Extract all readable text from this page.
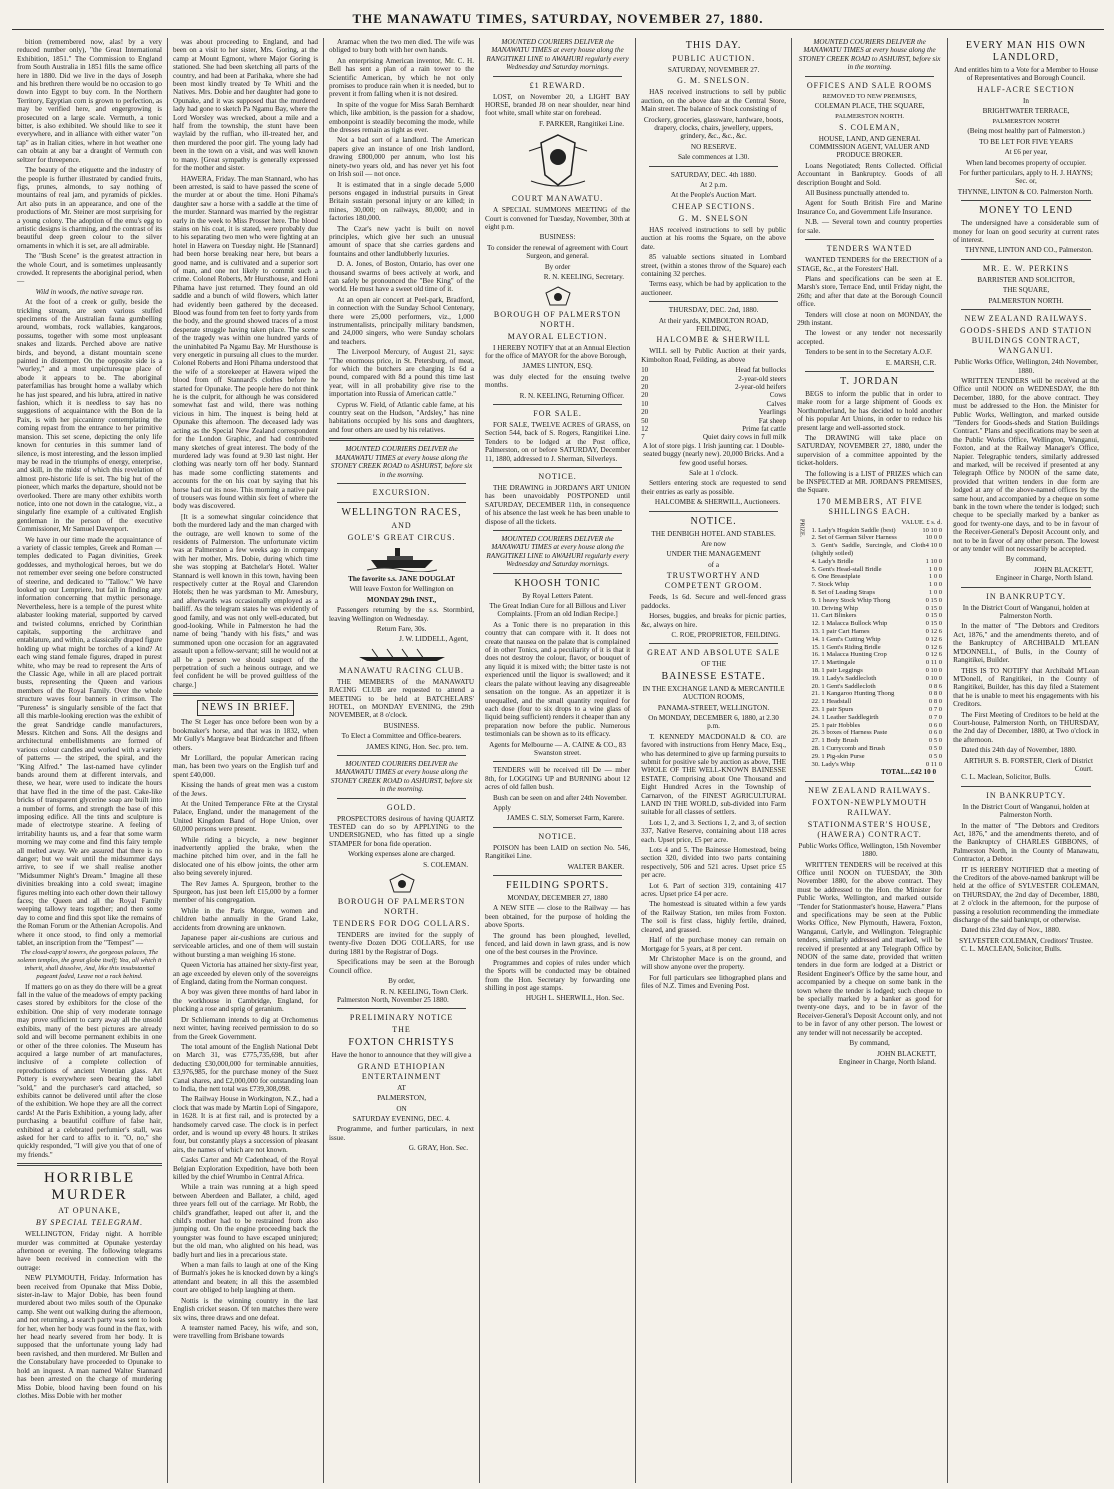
THE MANAWATU TIMES, SATURDAY, NOVEMBER 27, 1880.

bition (remembered now, alas! by a very reduced number only), "the Great International Exhibition, 1851." The Commission to England from South Australia in 1851 fills the same office here in 1880. Did we live in the days of Joseph and his brethren there would be no occasion to go down into Egypt to buy corn. In the Northern Territory, Egyptian corn is grown to perfection, as may be verified here, and engergrowing is prosecuted on a large scale. Vermuth, a tonic bitter, is also exhibited. We should like to see it everywhere, and in alliance with either water "on tap" as in Italian cities, where in hot weather one can obtain at any bar a draught of Vermuth con seltzer for threepence.

The beauty of the etiquette and the industry of the people is further illustrated by candied fruits, figs, prunes, almonds, to say nothing of mountains of real jam, and pyramids of pickles. Art also puts in an appearance, and one of the productions of Mr. Steiner are most surprising for a young colony. The adoption of the emu's egg to artistic designs is charming, and the contrast of its beautiful deep green colour to the silver ornaments in which it is set, are all admirable.

The "Bush Scene" is the greatest attraction in the whole Court, and is sometimes unpleasantly crowded. It represents the aboriginal period, when —

Wild in woods, the native savage ran.

At the foot of a creek or gully, beside the trickling stream, are seen various stuffed specimens of the Australian fauna gumbelling around, wombats, rock wallabies, kangaroos, possums, together with some most unpleasant snakes and lizards. Perched above are native birds, and beyond, a distant mountain scene painted in distemper. On the opposite side is a "wurley," and a most unpicturesque place of abode it appears to be. The aboriginal paterfamilias has brought home a wallaby which he has just speared, and his lubra, attired in native fashion, which it is needless to say has no suggestions of acquaintance with the Bon de la Paix, is with her piccaninny contemplating the coming repast from the entrance to her primitive mansion. This set scene, depicting the only life known for centuries in this summer land of silence, is most interesting, and the lesson implied may be read in the triumphs of energy, enterprise, and skill, in the midst of which this revelation of almost pre-historic life is set. The big hut of the pioneer, which marks the departure, should not be overlooked. There are many other exhibits worth notice, into one not down in the catalogue, viz., a singularly fine example of a cultivated English gentleman in the person of the executive Commissioner, Mr Samuel Davenport.

We have in our time made the acquaintance of a variety of classic temples, Greek and Roman — temples dedicated to Pagan divinities, Greek goddesses, and mythological heroes, but we do not remember ever seeing one before constructed of steerine, and dedicated to "Tallow." We have looked up our Lempriere, but fail in finding any information concerning that mythic personage. Nevertheless, here is a temple of the purest white alabaster looking material, supported by carved and twisted columns, enriched by Corinthian capitals, supporting the architrave and entablature, and within, a classically draped figure holding up what might be torches of a kind? At each wing stand female figures, draped in purest white, who may be read to represent the Arts of the Classic Age, while in all are placed portrait busts, representing the Queen and various members of the Royal Family. Over the whole structure waves four banners in crimson. The "Pureness" is singularly sensible of the fact that all this marble-looking erection was the exhibit of the great Sandridge candle manufacturers, Messrs. Kitchen and Sons. All the designs and architectural embellishments are formed of various colour candles and worked with a variety of patterns — the striped, the spiral, and the "King Alfred." The last-named have cylinder bands around them at different intervals, and these, we hear, were used to indicate the hours that have fled in the time of the past. Cake-like bricks of transparent glycerine soap are built into a number of forms, and strength the base of this imposing edifice. All the tints and sculpture is made of electrotype stearine. A feeling of irritability haunts us, and a fear that some warm morning we may come and find this fairy temple all melted away. We are assured that there is no danger; but we wait until the midsummer days arrive, to see if we shall realise another "Midsummer Night's Dream." Imagine all these divinities breaking into a cold sweat; imagine figures melting into each other down their tallowy faces; the Queen and all the Royal Family weeping tallowy tears together; and then some day to come and find this spot like the remains of the Roman Forum or the Athenian Acropolis. And where it once stood, to find only a memorial tablet, an inscription from the "Tempest" —

The cloud-capp'd towers, the gorgeous palaces, The solemn temples, the great globe itself; Yea, all which it inherit, shall dissolve, And, like this insubstantial pageant faded, Leave not a rack behind.

If matters go on as they do there will be a great fall in the value of the meadows of empty packing cases stored by exhibitors for the close of the exhibition. One ship of very moderate tonnage may prove sufficient to carry away all the unsold exhibits, many of the best pictures are already sold and will become permanent exhibits in one or other of the three colonies. The Museum has acquired a large number of art manufactures, inclusive of a complete collection of reproductions of ancient Venetian glass. Art Pottery is everywhere seen bearing the label "sold," and the purchaser's card attached, so exhibits cannot be delivered until after the close of the exhibition. We hope they are all the correct cards! At the Paris Exhibition, a young lady, after purchasing a beautiful coiffure of false hair, exhibited at a celebrated perfumier's stall, was asked for her card to affix to it. "O, no," she quickly responded, "I will give you that of one of my friends."

HORRIBLE MURDER
AT OPUNAKE,
BY SPECIAL TELEGRAM.

WELLINGTON, Friday night. A horrible murder was committed at Opunake yesterday afternoon or evening. The following telegrams have been received in connection with the outrage:

NEW PLYMOUTH, Friday. Information has been received from Opunake that Miss Dobie, sister-in-law to Major Dobie, has been found murdered about two miles south of the Opunake camp. She went out walking during the afternoon, and not returning, a search party was sent to look for her, when her body was found in the flax, with her head nearly severed from her body. It is supposed that the unfortunate young lady had been ravished, and then murdered. Mr Bullen and the Constabulary have proceeded to Opunake to hold an inquest. A man named Walter Stannard has been arrested on the charge of murdering Miss Dobie, blood having been found on his clothes. Miss Dobie with her mother

was about proceeding to England, and had been on a visit to her sister, Mrs. Goring, at the camp at Mount Egmont, where Major Goring is stationed. She had been sketching all parts of the country, and had been at Parihaka, where she had been most kindly treated by Te Whiti and the Natives. Mrs. Dobie and her daughter had gone to Opunake, and it was supposed that the murdered lady had gone to sketch Pa Ngamu Bay, where the Lord Worsley was wrecked, about a mile and a half from the township, the stunt have been waylaid by the ruffian, who ill-treated her, and then murdered the poor girl. The young lady had been in the town on a visit, and was well known to many. [Great sympathy is generally expressed for the mother and sister.

HAWERA, Friday. The man Stannard, who has been arrested, is said to have passed the scene of the murder at or about the time. Honi Pihama's daughter saw a horse with a saddle at the time of the murder. Stannard was married by the registrar early in the week to Miss Prosser here. The blood stains on his coat, it is stated, were probably due to his separating two men who were fighting at an hotel in Hawera on Tuesday night. He [Stannard] had been horse breaking near here, but bears a good name, and is cultivated and a superior sort of man, and one not likely to commit such a crime. Colonel Roberts, Mr Hursthouse, and Honi Pihama have just returned. They found an old saddle and a bunch of wild flowers, which latter had evidently been gathered by the deceased. Blood was found from ten feet to forty yards from the body, and the ground showed traces of a most desperate struggle having taken place. The scene of the tragedy was within one hundred yards of the uninhabited Pa Ngamu Bay. Mr Hursthouse is very energetic in pursuing all clues to the murder. Colonel Roberts and Honi Pihama understood that the wife of a storekeeper at Hawera wiped the blood from off Stannard's clothes before he started for Opunake. The people here do not think he is the culprit, for although he was considered somewhat fast and wild, there was nothing vicious in him. The inquest is being held at Opunake this afternoon. The deceased lady was acting as the Special New Zealand correspondent for the London Graphic, and had contributed many sketches of great interest. The body of the murdered lady was found at 9.30 last night. Her clothing was nearly torn off her body. Stannard has made some conflicting statements and accounts for the on his coat by saying that his horse had cut its nose. This morning a native pair of trousers was found within six feet of where the body was discovered.

[It is a somewhat singular coincidence that both the murdered lady and the man charged with the outrage, are well known to some of the residents of Palmerston. The unfortunate victim was at Palmerston a few weeks ago in company with her mother, Mrs. Dobie, during which time she was stopping at Batchelar's Hotel. Walter Stannard is well known in this town, having been respectively cutter at the Royal and Clarendon Hotels; then he was yardsman to Mr. Amesbury, and afterwards was occasionally employed as a bailiff. As the telegram states he was evidently of good family, and was not only well-educated, but good-looking. While in Palmerston he had the name of being "handy with his fists," and was summoned upon one occasion for an aggravated assault upon a fellow-servant; still he would not at all be a person we should suspect of the perpetration of such a heinous outrage, and we feel confident he will be proved guiltless of the charge.]

NEWS IN BRIEF.

The St Leger has once before been won by a bookmaker's horse, and that was in 1832, when Mr Gully's Margrave beat Birdcatcher and fifteen others.

Mr Lorillard, the popular American racing man, has been two years on the English turf and spent £40,000.

Kissing the hands of great men was a custom of the Jews.

At the United Temperance Fête at the Crystal Palace, England, under the management of the United Kingdom Band of Hope Union, over 60,000 persons were present.

While riding a bicycle, a new beginner inadvertently applied the brake, when the machine pitched him over, and in the fall he dislocated one of his elbow joints, the other arm also being severely injured.

The Rev James A. Spurgeon, brother to the Spurgeon, has just been left £15,000 by a former member of his congregation.

While in the Paris Morgue, women and children bathe annually in the Grand Lake, accidents from drowning are unknown.

Japanese paper air-cushions are curious and serviceable articles, and one of them will sustain without bursting a man weighing 16 stone.

Queen Victoria has attained her sixty-first year, an age exceeded by eleven only of the sovereigns of England, dating from the Norman conquest.

A boy was given three months of hard labor in the workhouse in Cambridge, England, for plucking a rose and sprig of geranium.

Dr Schliemann intends to dig at Orchomenus next winter, having received permission to do so from the Greek Government.

The total amount of the English National Debt on March 31, was £775,735,698, but after deducting £30,000,000 for terminable annuities, £3,976,985, for the purchase money of the Suez Canal shares, and £2,000,000 for outstanding loan to India, the nett total was £739,308,098.

The Railway House in Workington, N.Z., had a clock that was made by Martin Lopi of Singapore, in 1628. It is at first rail, and is protected by a handsomely carved case. The clock is in perfect order, and is wound up every 48 hours. It strikes four, but constantly plays a succession of pleasant airs, the names of which are not known.

Casks Carter and Mr Cadenhead, of the Royal Belgian Exploration Expedition, have both been killed by the chief Wrumbo in Central Africa.

While a train was running at a high speed between Aberdeen and Ballater, a child, aged three years fell out of the carriage. Mr Robb, the child's grandfather, leaped out after it, and the child's mother had to be restrained from also jumping out. On the engine proceeding back the youngster was found to have escaped uninjured; but the old man, who alighted on his head, was badly hurt and lies in a precarious state.

When a man fails to laugh at one of the King of Burmah's jokes he is knocked down by a king's attendant and beaten; in all this the assembled court are obliged to help laughing at them.

Nottis is the winning country in the last English cricket season. Of ten matches there were six wins, three draws and one defeat.

A teamster named Pacey, his wife, and son, were travelling from Brisbane towards

Aramac when the two men died. The wife was obliged to bury both with her own hands.

An enterprising American inventor, Mr. C. H. Bell has sent a plan of a rain tower to the Scientific American, by which he not only promises to produce rain when it is needed, but to prevent it from falling when it is not desired.

In spite of the vogue for Miss Sarah Bernhardt which, like ambition, is the passion for a shadow, embonpoint is steadily becoming the mode, while the dresses remain as tight as ever.

Not a bad sort of a landlord. The American papers give an instance of one Irish landlord, drawing £800,000 per annum, who lost his ninety-two years old, and has never yet his foot on Irish soil — not once.

It is estimated that in a single decade 5,000 persons engaged in industrial pursuits in Great Britain sustain personal injury or are killed; in mines, 30,000; on railways, 80,000; and in factories 180,000.

The Czar's new yacht is built on novel principles, which give her such an unusual amount of space that she carries gardens and fountains and other landlubberly luxuries.

D. A. Jones, of Boston, Ontario, has over one thousand swarms of bees actively at work, and can safely be pronounced the "Bee King" of the world. He must have a sweet old time of it.

At an open air concert at Peel-park, Bradford, in connection with the Sunday School Centenary, there were 25,000 performers, viz., 1,000 instrumentalists, principally military bandsmen, and 24,000 singers, who were Sunday scholars and teachers.

The Liverpool Mercury, of August 21, says: "The enormous price, in St. Petersburg, of meat, for which the butchers are charging 1s 6d a pound, compared with 8d a pound this time last year, will in all probability give rise to the importation into Russia of American cattle."

Cyprus W. Field, of Atlantic cable fame, at his country seat on the Hudson, "Ardsley," has nine habitations occupied by his sons and daughters, and four others are used by his relatives.

MOUNTED COURIERS DELIVER the MANAWATU TIMES at every house along the STONEY CREEK ROAD to ASHURST, before six in the morning.

EXCURSION.
WELLINGTON RACES,
AND
GOLE'S GREAT CIRCUS.

The favorite s.s. JANE DOUGLAT

Will leave Foxton for Wellington on

MONDAY 29th INST.,

Passengers returning by the s.s. Stormbird, leaving Wellington on Wednesday.

Return Fare, 30s.

J. W. LIDDELL, Agent,

MANAWATU RACING CLUB.

THE MEMBERS of the MANAWATU RACING CLUB are requested to attend a MEETING to be held at BATCHELARS' HOTEL, on MONDAY EVENING, the 29th NOVEMBER, at 8 o'clock.

BUSINESS.

To Elect a Committee and Office-bearers.

JAMES KING, Hon. Sec. pro. tem.

MOUNTED COURIERS DELIVER the MANAWATU TIMES at every house along the STONEY CREEK ROAD to ASHURST, before six in the morning.

GOLD.

PROSPECTORS desirous of having QUARTZ TESTED can do so by APPLYING to the UNDERSIGNED, who has fitted up a single STAMPER for bona fide operation.

Working expenses alone are charged.

S. COLEMAN.

BOROUGH OF PALMERSTON NORTH.
TENDERS FOR DOG COLLARS.

TENDERS are invited for the supply of twenty-five Dozen DOG COLLARS, for use during 1881 by the Registrar of Dogs.

Specifications may be seen at the Borough Council office.

By order,

R. N. KEELING, Town Clerk.

Palmerston North, November 25 1880.

PRELIMINARY NOTICE
THE
FOXTON CHRISTYS

Have the honor to announce that they will give a

GRAND ETHIOPIAN ENTERTAINMENT

AT

PALMERSTON,

ON

SATURDAY EVENING, DEC. 4.

Programme, and further particulars, in next issue.

G. GRAY, Hon. Sec.

MOUNTED COURIERS DELIVER the MANAWATU TIMES at every house along the RANGITIKEI LINE to AWAHURI regularly every Wednesday and Saturday mornings.

£1 REWARD.

LOST, on November 20, a LIGHT BAY HORSE, branded J8 on near shoulder, near hind foot white, small white star on forehead.

F. PARKER, Rangitikei Line.

COURT MANAWATU.

A SPECIAL SUMMONS MEETING of the Court is convened for Tuesday, November, 30th at eight p.m.

BUSINESS:

To consider the renewal of agreement with Court Surgeon, and general.

By order

R. N. KEELING, Secretary.

BOROUGH OF PALMERSTON NORTH.
MAYORAL ELECTION.

I HEREBY NOTIFY that at an Annual Election for the office of MAYOR for the above Borough,

JAMES LINTON, ESQ.

was duly elected for the ensuing twelve months.

R. N. KEELING, Returning Officer.

FOR SALE.

FOR SALE, TWELVE ACRES of GRASS, on Section 544, back of S. Rogers, Rangitikei Line. Tenders to be lodged at the Post office, Palmerston, on or before SATURDAY, December 11, 1880, addressed to J. Sherman, Silverleys.

NOTICE.

THE DRAWING in JORDAN'S ART UNION has been unavoidably POSTPONED until SATURDAY, DECEMBER 11th, in consequence of his absence the last week he has been unable to dispose of all the tickets.

MOUNTED COURIERS DELIVER the MANAWATU TIMES at every house along the RANGITIKEI LINE to AWAHURI regularly every Wednesday and Saturday mornings.

KHOOSH TONIC

By Royal Letters Patent.

The Great Indian Cure for all Billous and Liver Complaints. [From an old Indian Recipe.]

As a Tonic there is no preparation in this country that can compare with it. It does not create that nausea on the palate that is complained of in other Tonics, and a peculiarity of it is that it does not destroy the colour, flavor, or bouquet of any liquid it is mixed with; the bitter taste is not experienced until the liquor is swallowed; and it clears the palate without leaving any disagreeable sensation on the tongue. As an appetizer it is unequalled, and the small quantity required for each dose (four to six drops to a wine glass of liquid being sufficient) renders it cheaper than any preparation now before the public. Numerous testimonials can be shown as to its efficacy.

Agents for Melbourne — A. CAINE & CO., 83 Swanston street.

TENDERS will be received till De — mber 8th, for LOGGING UP and BURNING about 12 acres of old fallen bush.

Bush can be seen on and after 24th November.

Apply

JAMES C. SLY, Somerset Farm, Karere.

NOTICE.

POISON has been LAID on section No. 546, Rangitikei Line.

WALTER BAKER.

FEILDING SPORTS.

MONDAY, DECEMBER 27, 1880

A NEW SITE — close to the Railway — has been obtained, for the purpose of holding the above Sports.

The ground has been ploughed, levelled, fenced, and laid down in lawn grass, and is now one of the best courses in the Province.

Programmes and copies of rules under which the Sports will be conducted may be obtained from the Hon. Secretary by forwarding one shilling in post age stamps.

HUGH L. SHERWILL, Hon. Sec.

THIS DAY.
PUBLIC AUCTION.

SATURDAY, NOVEMBER 27.

G. M. SNELSON.

HAS received instructions to sell by public auction, on the above date at the Central Store, Main street. The balance of Stock consisting of

Crockery, groceries, glassware, hardware, boots, drapery, clocks, chairs, jewellery, uppers, grindery, &c., &c., &c.

NO RESERVE.

Sale commences at 1.30.

SATURDAY, DEC. 4th 1880.

At 2 p.m.

At the People's Auction Mart.

CHEAP SECTIONS.
G. M. SNELSON

HAS received instructions to sell by public auction at his rooms the Square, on the above date.

85 valuable sections situated in Lombard street, (within a stones throw of the Square) each containing 32 perches.

Terms easy, which be had by application to the auctioneer.

THURSDAY, DEC. 2nd, 1880.

At their yards, KIMBOLTON ROAD, FEILDING,

HALCOMBE & SHERWILL

WILL sell by Public Auction at their yards, Kimbolton Road, Feilding, as above

10	Head fat bullocks

20	2-year-old steers

20	2-year-old heifers

20	Cows

10	Calves

20	Yearlings

50	Fat sheep

12	Prime fat cattle

7	Quiet dairy cows in full milk

A lot of store pigs. 1 Irish jaunting car. 1 Double-seated buggy (nearly new). 20,000 Bricks. And a few good useful horses.

Sale at 1 o'clock.

Settlers entering stock are requested to send their entries as early as possible.

HALCOMBE & SHERWILL, Auctioneers.

NOTICE.

THE DENBIGH HOTEL AND STABLES.

Are now

UNDER THE MANAGEMENT

of a

TRUSTWORTHY AND COMPETENT GROOM.

Feeds, 1s 6d. Secure and well-fenced grass paddocks.

Horses, buggies, and breaks for picnic parties, &c, always on hire.

C. ROE, PROPRIETOR, FEILDING.

GREAT AND ABSOLUTE SALE

OF THE

BAINESSE ESTATE.

IN THE EXCHANGE LAND & MERCANTILE AUCTION ROOMS,

PANAMA-STREET, WELLINGTON.

On MONDAY, DECEMBER 6, 1880, at 2.30 p.m.

T. KENNEDY MACDONALD & CO. are favored with instructions from Henry Mace, Esq., who has determined to give up farming pursuits to submit for positive sale by auction as above, THE WHOLE OF THE WELL-KNOWN BAINESSE ESTATE, Comprising about One Thousand and Eight Hundred Acres in the Township of Carnarvon, of the FINEST AGRICULTURAL LAND IN THE WORLD, sub-divided into Farm suitable for all classes of settlers.

Lots 1, 2, and 3. Sections 1, 2, and 3, of section 337, Native Reserve, containing about 118 acres each. Upset price, £5 per acre.

Lots 4 and 5. The Bainesse Homestead, being section 320, divided into two parts containing respectively, 506 and 521 acres. Upset price £5 per acre.

Lot 6. Part of section 319, containing 417 acres. Upset price £4 per acre.

The homestead is situated within a few yards of the Railway Station, ten miles from Foxton. The soil is first class, highly fertile, drained, cleared, and grassed.

Half of the purchase money can remain on Mortgage for 5 years, at 8 per cent.

Mr Christopher Mace is on the ground, and will show anyone over the property.

For full particulars see lithographed plans and files of N.Z. Times and Evening Post.

MOUNTED COURIERS DELIVER the MANAWATU TIMES at every house along the STONEY CREEK ROAD to ASHURST, before six in the morning.

OFFICES AND SALE ROOMS

REMOVED TO NEW PREMISES,

COLEMAN PLACE, THE SQUARE,

PALMERSTON NORTH.

S. COLEMAN,

HOUSE, LAND, AND GENERAL COMMISSION AGENT, VALUER AND PRODUCE BROKER.

Loans Negotiated; Rents Collected. Official Accountant in Bankruptcy. Goods of all description Bought and Sold.

All Business punctually attended to.

Agent for South British Fire and Marine Insurance Co, and Government Life Insurance.

N.B. — Several town and country properties for sale.

TENDERS WANTED

WANTED TENDERS for the ERECTION of a STAGE, &c., at the Foresters' Hall.

Plans and specifications can be seen at E. Marsh's store, Terrace End, until Friday night, the 26th; and after that date at the Borough Council office.

Tenders will close at noon on MONDAY, the 29th instant.

The lowest or any tender not necessarily accepted.

Tenders to be sent in to the Secretary A.O.F.

E. MARSH, C.R.

T. JORDAN

BEGS to inform the public that in order to make room for a large shipment of Goods ex Northumberland, he has decided to hold another of his popular Art Unions, in order to reduce his present large and well-assorted stock.

The DRAWING will take place on SATURDAY, NOVEMBER 27, 1880, under the supervision of a committee appointed by the ticket-holders.

The following is a LIST of PRIZES which can be INSPECTED at MR. JORDAN'S PREMISES, the Square.

170 MEMBERS, AT FIVE SHILLINGS EACH.
PRIZE.	VALUE. £ s. d.

1. Lady's Hogskin Saddle (best)	10 10 0

2. Set of German Silver Harness	10 0 0

3. Gent's Saddle, Surcingle, and Cloth (slightly soiled)
4 10 0

4. Lady's Bridle	1 10 0

5. Gent's Head-stall Bridle	1 0 0

6. One Breastplate	1 0 0

7. Stock Whip	1 0 0

8. Set of Leading Straps	1 0 0

9. 1 heavy Stock Whip Thong	0 15 0

10. Driving Whip	0 15 0

11. Cart Blinkers	0 15 0

12. 1 Malacca Bullock Whip	0 15 0

13. 1 pair Cart Hames	0 12 6

14. 1 Gent's Cutting Whip	0 12 6

15. 1 Gent's Riding Bridle	0 12 6

16. 1 Malacca Hunting Crop	0 12 6

17. 1 Martingale	0 11 0

18. 1 pair Leggings	0 10 0

19. 1 Lady's Saddlecloth	0 10 0

20. 1 Gent's Saddlecloth	0 8 6

21. 1 Kangaroo Hunting Thong	0 8 0

22. 1 Headstall	0 8 0

23. 1 pair Spurs	0 7 0

24. 1 Leather Saddlegirth	0 7 0

25. 1 pair Hobbles	0 6 0

26. 3 boxes of Harness Paste	0 6 0

27. 1 Body Brush	0 5 0

28. 1 Currycomb and Brush	0 5 0

29. 1 Pig-skin Purse	0 5 0

30. Lady's Whip	0 11 0

TOTAL...£42 10 0

NEW ZEALAND RAILWAYS.
FOXTON-NEWPLYMOUTH RAILWAY.
STATIONMASTER'S HOUSE, (HAWERA) CONTRACT.

Public Works Office, Wellington, 15th November 1880.

WRITTEN TENDERS will be received at this Office until NOON on TUESDAY, the 30th November 1880, for the above contract. They must be addressed to the Hon. the Minister for Public Works, Wellington, and marked outside "Tender for Stationmaster's house, Hawera." Plans and specifications may be seen at the Public Works Office, New Plymouth, Hawera, Foxton, Wanganui, Carlyle, and Wellington. Telegraphic tenders, similarly addressed and marked, will be received if presented at any Telegraph Office by NOON of the same date, provided that written tenders in due form are lodged at a District or Resident Engineer's Office by the same hour, and accompanied by a cheque on some bank in the town where the tender is lodged; such cheque to be specially marked by a banker as good for twenty-one days, and to be in favor of the Receiver-General's Deposit Account only, and not to be in favor of any other person. The lowest or any tender will not necessarily be accepted.

By command,

JOHN BLACKETT,

Engineer in Charge, North Island.

EVERY MAN HIS OWN LANDLORD,

And entitles him to a Vote for a Member to House of Representatives and Borough Council.

HALF-ACRE SECTION

In

BRIGHTWATER TERRACE,

PALMERSTON NORTH

(Being most healthy part of Palmerston.)

TO BE LET FOR FIVE YEARS

At £6 per year,

When land becomes property of occupier.

For further particulars, apply to H. J. HAYNS; Sec. or,

THYNNE, LINTON & CO. Palmerston North.

MONEY TO LEND

The undersigned have a considerable sum of money for loan on good security at current rates of interest.

THYNNE, LINTON AND CO., Palmerston.

MR. E. W. PERKINS

BARRISTER AND SOLICITOR,

THE SQUARE,

PALMERSTON NORTH.

NEW ZEALAND RAILWAYS.
GOODS-SHEDS AND STATION BUILDINGS CONTRACT, WANGANUI.

Public Works Office, Wellington, 24th November, 1880.

WRITTEN TENDERS will be received at the Office until NOON on WEDNESDAY, the 8th December, 1880, for the above contract. They must be addressed to the Hon. the Minister for Public Works, Wellington, and marked outside "Tenders for Goods-sheds and Station Buildings Contract." Plans and specifications may be seen at the Public Works Office, Wellington, Wanganui, Foxton, and at the Railway Manager's Office, Napier. Telegraphic tenders, similarly addressed and marked, will be received if presented at any Telegraph Office by NOON of the same date, provided that written tenders in due form are lodged at any of the above-named offices by the same hour, and accompanied by a cheque on some bank in the town where the tender is lodged; such cheque to be specially marked by a banker as good for twenty-one days, and to be in favour of the Receiver-General's Deposit Account only, and not to be in favor of any other person. The lowest or any tender will not necessarily be accepted.

By command,

JOHN BLACKETT,

Engineer in Charge, North Island.

IN BANKRUPTCY.

In the District Court of Wanganui, holden at Palmerston North.

In the matter of "The Debtors and Creditors Act, 1876," and the amendments thereto, and of the Bankruptcy of ARCHIBALD M'LEAN M'DONNELL, of Bulls, in the County of Rangitikei, Builder.

THIS IS TO NOTIFY that Archibald M'Lean M'Donell, of Rangitikei, in the County of Rangitikei, Builder, has this day filed a Statement that he is unable to meet his engagements with his Creditors.

The First Meeting of Creditors to be held at the Court-house, Palmerston North, on THURSDAY, the 2nd day of December, 1880, at Two o'clock in the afternoon.

Dated this 24th day of November, 1880.

ARTHUR S. B. FORSTER, Clerk of District Court.

C. L. Maclean, Solicitor, Bulls.

IN BANKRUPTCY.

In the District Court of Wanganui, holden at Palmerston North.

In the matter of "The Debtors and Creditors Act, 1876," and the amendments thereto, and of the Bankruptcy of CHARLES GIBBONS, of Palmerston North, in the County of Manawatu, Contractor, a Debtor.

IT IS HEREBY NOTIFIED that a meeting of the Creditors of the above-named bankrupt will be held at the office of SYLVESTER COLEMAN, on THURSDAY, the 2nd day of December, 1880, at 2 o'clock in the afternoon, for the purpose of passing a resolution recommending the immediate discharge of the said bankrupt, or otherwise.

Dated this 23rd day of Nov., 1880.

SYLVESTER COLEMAN, Creditors' Trustee.

C. L. MACLEAN, Solicitor, Bulls.
